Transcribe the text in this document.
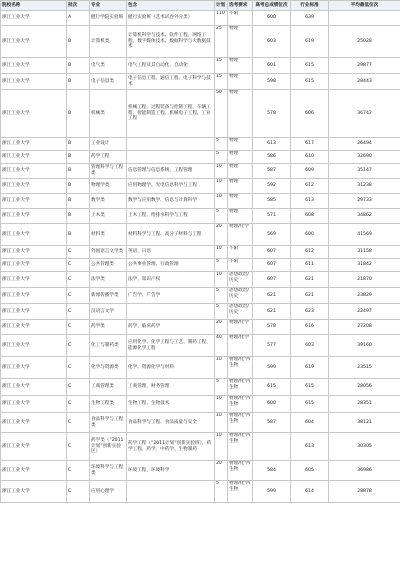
院校名称	批次	专业	包含	计划	选考要求	高考总成绩位次	行业标准	平均最低位次
浙江工业大学	A	健行学院实验班	健行实验班（艺术试卷外分类）	110	不限	600	639	
浙江工业大学	B	计算机类	计算机科学与技术、软件工程、网络工程、数字媒体技术、数据科学与大数据技术	25	物理	603	619	25028
浙江工业大学	B	电气类	电气工程及其自动化、自动化	15	物理	601	615	29877
浙江工业大学	B	电子信息类	电子信息工程、通信工程、电子科学与技术	15	物理	598	615	28443
浙江工业大学	B	机械类	机械工程、过程装备与控制工程、车辆工程、智能制造工程、机械电子工程、工业工程	50	物理	578	606	36742
浙江工业大学	B	工业设计		5	物理	613	617	26494
浙江工业大学	B	药学工程		5	物理	586	610	32690
浙江工业大学	B	管理科学与工程类	信息管理与信息系统、工程管理	10	物理	587	609	35147
浙江工业大学	B	物理学类	应用物理学、光电信息科学与工程	10	物理	592	612	31238
浙江工业大学	B	数学类	数学与应用数学、信息与计算科学	10	物理	585	613	29733
浙江工业大学	B	土木类	土木工程、给排水科学与工程	5	物理	571	608	34862
浙江工业大学	B	材料类	材料科学与工程、高分子材料与工程	20	物理/化学	569	600	41569
浙江工业大学	C	外国语言文学类	英语、日语	10	不限	607	612	31158
浙江工业大学	C	公共管理类	公共事业管理、行政管理	5	不限	607	611	31842
浙江工业大学	C	法学类	法学、知识产权	10	思想政治/历史	607	621	21870
浙江工业大学	C	新闻传播学类	广告学、广告学	5	思想政治/历史	621	621	23829
浙江工业大学	C	汉语言文学		5	思想政治/历史	621	623	22497
浙江工业大学	C	药学类	药学、临床药学	20	物理/化学	578	616	27208
浙江工业大学	C	化工与制药类	应用化学、化学工程与工艺、制药工程、能源化学工程	40	物理/化学	577	603	39160
浙江工业大学	C	化学与资源类	化学、资源化学与材料	10	物理/化学/生物	599	619	23515
浙江工业大学	C	工商管理类	工商管理、财务管理	5	物理/化学/生物	615	615	28056
浙江工业大学	C	生物工程类	生物工程、生物技术	10	物理/化学/生物	600	615	28351
浙江工业大学	C	食品科学与工程类	食品科学与工程、食品质量与安全	10	物理/化学/生物	587	604	38121
浙江工业大学	C	药学类（“2011计划”创新实验区）	药学工程（“2011计划”创新实验班）、药学工程、药学、中药学、生物制药	10	物理/化学/生物		613	30305
浙江工业大学	C	环境科学与工程类	环境工程、环境科学	20	物理/化学/生物	584	605	36986
浙江工业大学	C	应用心理学		5	物理/化学/生物	599	614	28878
